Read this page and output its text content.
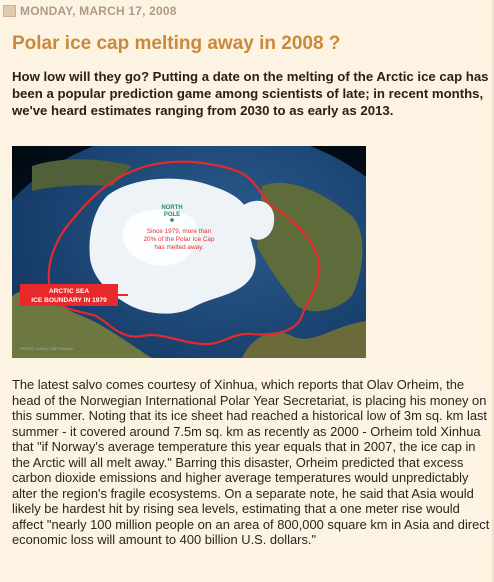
MONDAY, MARCH 17, 2008
Polar ice cap melting away in 2008 ?

How low will they go? Putting a date on the melting of the Arctic ice cap has been a popular prediction game among scientists of late; in recent months, we've heard estimates ranging from 2030 to as early as 2013.

NORTH
POLE
Since 1979, more than
20% of the Polar Ice Cap
has melted away.
ARCTIC SEA
ICE BOUNDARY IN 1979
PHOTO: NASA, GSFC/NOAA

The latest salvo comes courtesy of Xinhua, which reports that Olav Orheim, the head of the Norwegian International Polar Year Secretariat, is placing his money on this summer. Noting that its ice sheet had reached a historical low of 3m sq. km last summer - it covered around 7.5m sq. km as recently as 2000 - Orheim told Xinhua that "if Norway's average temperature this year equals that in 2007, the ice cap in the Arctic will all melt away." Barring this disaster, Orheim predicted that excess carbon dioxide emissions and higher average temperatures would unpredictably alter the region's fragile ecosystems. On a separate note, he said that Asia would likely be hardest hit by rising sea levels, estimating that a one meter rise would affect "nearly 100 million people on an area of 800,000 square km in Asia and direct economic loss will amount to 400 billion U.S. dollars."
